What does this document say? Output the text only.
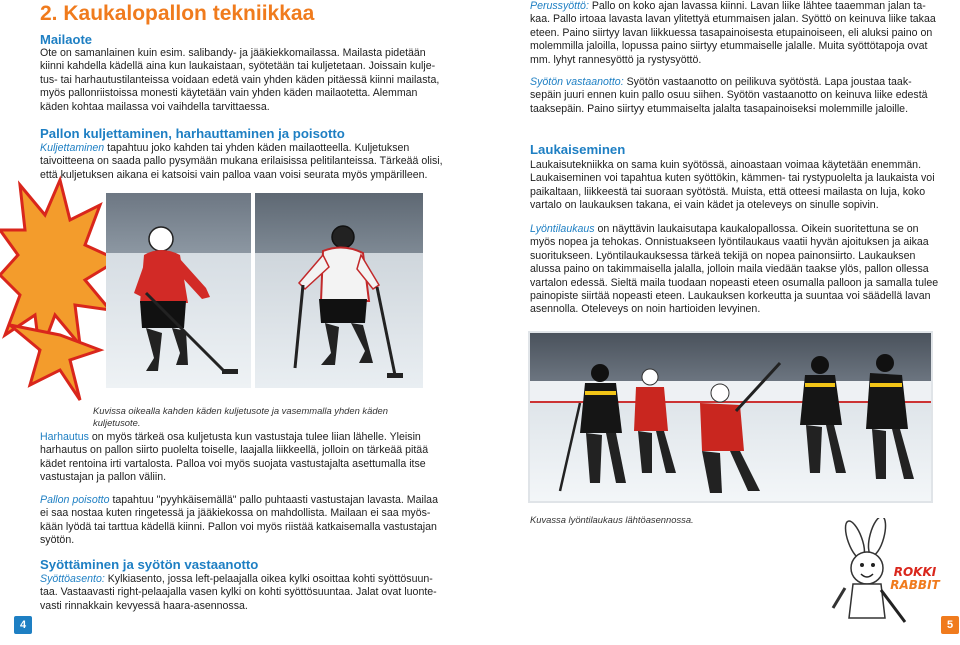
2. Kaukalopallon tekniikkaa
Mailaote
Ote on samanlainen kuin esim. salibandy- ja jääkiekkomailassa. Mailasta pidetään
kiinni kahdella kädellä aina kun laukaistaan, syötetään tai kuljetetaan. Joissain kulje-
tus- tai harhautustilanteissa voidaan edetä vain yhden käden pitäessä kiinni mailasta,
myös pallonriistoissa monesti käytetään vain yhden käden mailaotetta. Alemman
käden kohtaa mailassa voi vaihdella tarvittaessa.
Pallon kuljettaminen, harhauttaminen ja poisotto
Kuljettaminen tapahtuu joko kahden tai yhden käden mailaotteella. Kuljetuksen
taivoitteena on saada pallo pysymään mukana erilaisissa pelitilanteissa. Tärkeää olisi,
että kuljetuksen aikana ei katsoisi vain palloa vaan voisi seurata myös ympärilleen.
Kuvissa oikealla kahden käden kuljetusote ja vasemmalla yhden käden
kuljetusote.
Harhautus on myös tärkeä osa kuljetusta kun vastustaja tulee liian lähelle. Yleisin
harhautus on pallon siirto puolelta toiselle, laajalla liikkeellä, jolloin on tärkeää pitää
kädet rentoina irti vartalosta. Palloa voi myös suojata vastustajalta asettumalla itse
vastustajan ja pallon väliin.
Pallon poisotto tapahtuu "pyyhkäisemällä" pallo puhtaasti vastustajan lavasta. Mailaa
ei saa nostaa kuten ringetessä ja jääkiekossa on mahdollista. Mailaan ei saa myös-
kään lyödä tai tarttua kädellä kiinni. Pallon voi myös riistää katkaisemalla vastustajan
syötön.
Syöttäminen ja syötön vastaanotto
Syöttöasento: Kylkiasento, jossa left-pelaajalla oikea kylki osoittaa kohti syöttösuun-
taa. Vastaavasti right-pelaajalla vasen kylki on kohti syöttösuuntaa. Jalat ovat luonte-
vasti rinnakkain kevyessä haara-asennossa.
4
Perussyöttö: Pallo on koko ajan lavassa kiinni. Lavan liike lähtee taaemman jalan ta-
kaa. Pallo irtoaa lavasta lavan ylitettyä etummaisen jalan. Syöttö on keinuva liike takaa
eteen. Paino siirtyy lavan liikkuessa tasapainoisesta etupainoiseen, eli aluksi paino on
molemmilla jaloilla, lopussa paino siirtyy etummaiselle jalalle. Muita syöttötapoja ovat
mm. lyhyt rannesyöttö ja rystysyöttö.
Syötön vastaanotto: Syötön vastaanotto on peilikuva syötöstä. Lapa joustaa taak-
sepäin juuri ennen kuin pallo osuu siihen. Syötön vastaanotto on keinuva liike edestä
taaksepäin. Paino siirtyy etummaiselta jalalta tasapainoiseksi molemmille jaloille.
Laukaiseminen
Laukaisutekniikka on sama kuin syötössä, ainoastaan voimaa käytetään enemmän.
Laukaiseminen voi tapahtua kuten syöttökin, kämmen- tai rystypuolelta ja laukaista voi
paikaltaan, liikkeestä tai suoraan syötöstä. Muista, että otteesi mailasta on luja, koko
vartalo on laukauksen takana, ei vain kädet ja oteleveys on sinulle sopivin.
Lyöntilaukaus on näyttävin laukaisutapa kaukalopallossa. Oikein suoritettuna se on
myös nopea ja tehokas. Onnistuakseen lyöntilaukaus vaatii hyvän ajoituksen ja aikaa
suoritukseen. Lyöntilaukauksessa tärkeä tekijä on nopea painonsiirto. Laukauksen
alussa paino on takimmaisella jalalla, jolloin maila viedään taakse ylös, pallon ollessa
vartalon edessä. Sieltä maila tuodaan nopeasti eteen osumalla palloon ja samalla tulee
painopiste siirtää nopeasti eteen. Laukauksen korkeutta ja suuntaa voi säädellä lavan
asennolla. Oteleveys on noin hartioiden levyinen.
Kuvassa lyöntilaukaus lähtöasennossa.
ROKKI
RABBIT
5
